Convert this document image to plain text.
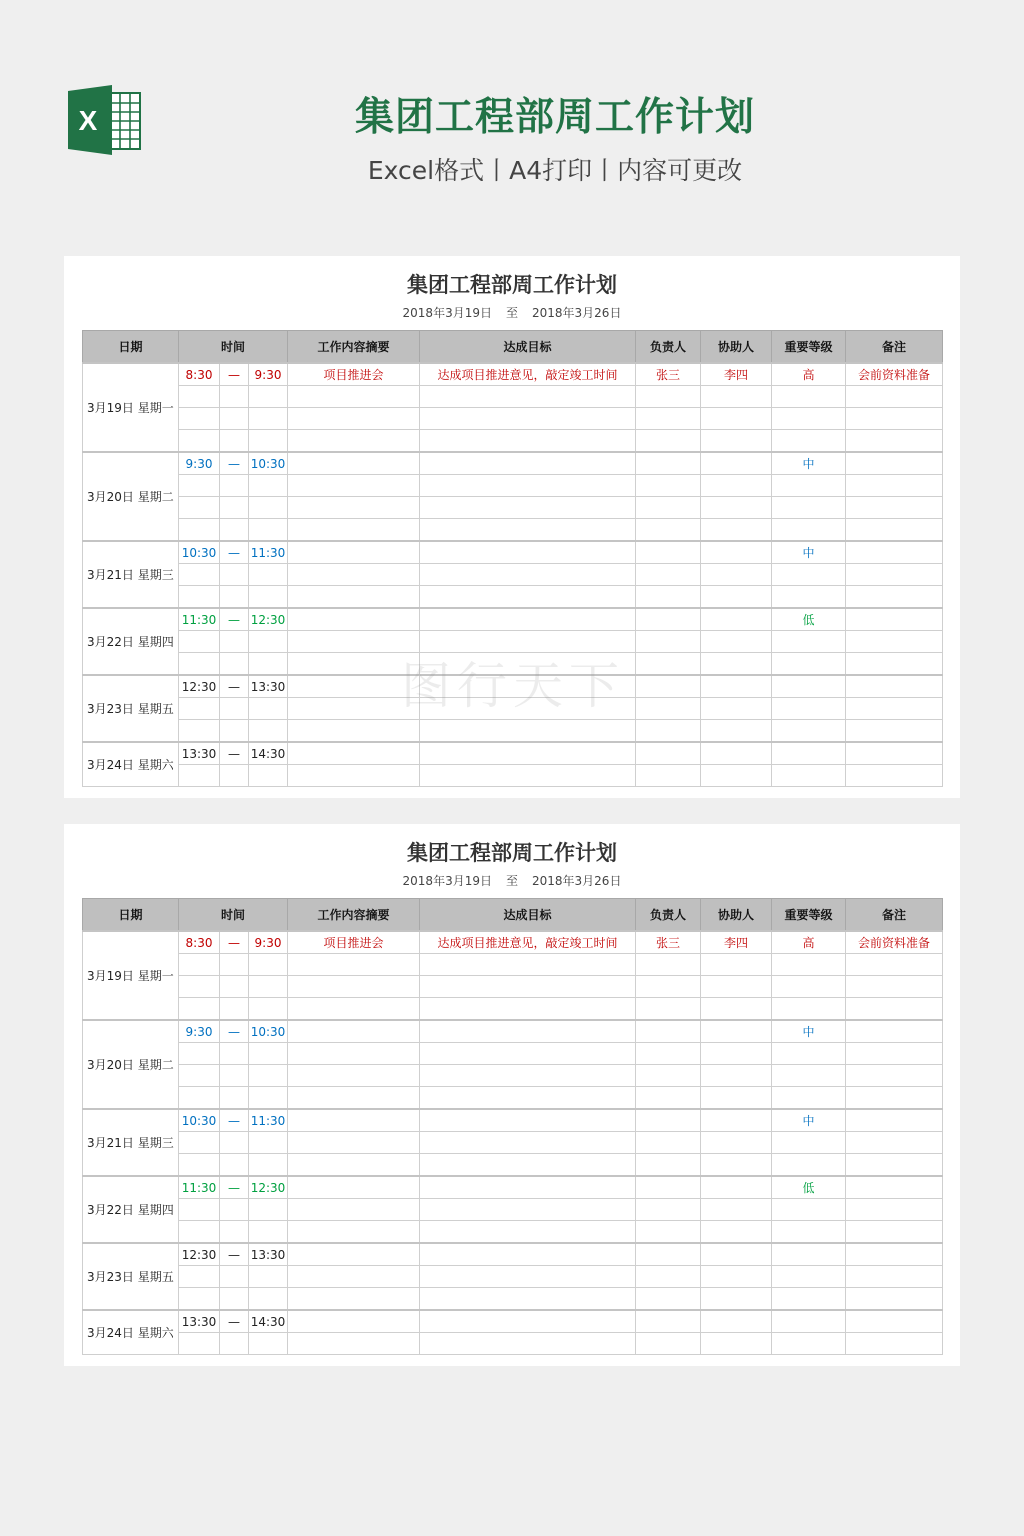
X	集团工程部周工作计划
Excel格式丨A4打印丨内容可更改
集团工程部周工作计划
2018年3月19日 至 2018年3月26日
日期	时间			工作内容摘要	达成目标	负责人	协助人	重要等级	备注
3月19日 星期一	8:30	—	9:30	项目推进会	达成项目推进意见，敲定竣工时间	张三	李四	高	会前资料准备

3月20日 星期二	9:30	—	10:30					中	

3月21日 星期三	10:30	—	11:30					中	

3月22日 星期四	11:30	—	12:30					低	

3月23日 星期五	12:30	—	13:30						

3月24日 星期六	13:30	—	14:30						

集团工程部周工作计划
2018年3月19日 至 2018年3月26日
日期	时间			工作内容摘要	达成目标	负责人	协助人	重要等级	备注
3月19日 星期一	8:30	—	9:30	项目推进会	达成项目推进意见，敲定竣工时间	张三	李四	高	会前资料准备

3月20日 星期二	9:30	—	10:30					中	

3月21日 星期三	10:30	—	11:30					中	

3月22日 星期四	11:30	—	12:30					低	

3月23日 星期五	12:30	—	13:30						

3月24日 星期六	13:30	—	14:30						
